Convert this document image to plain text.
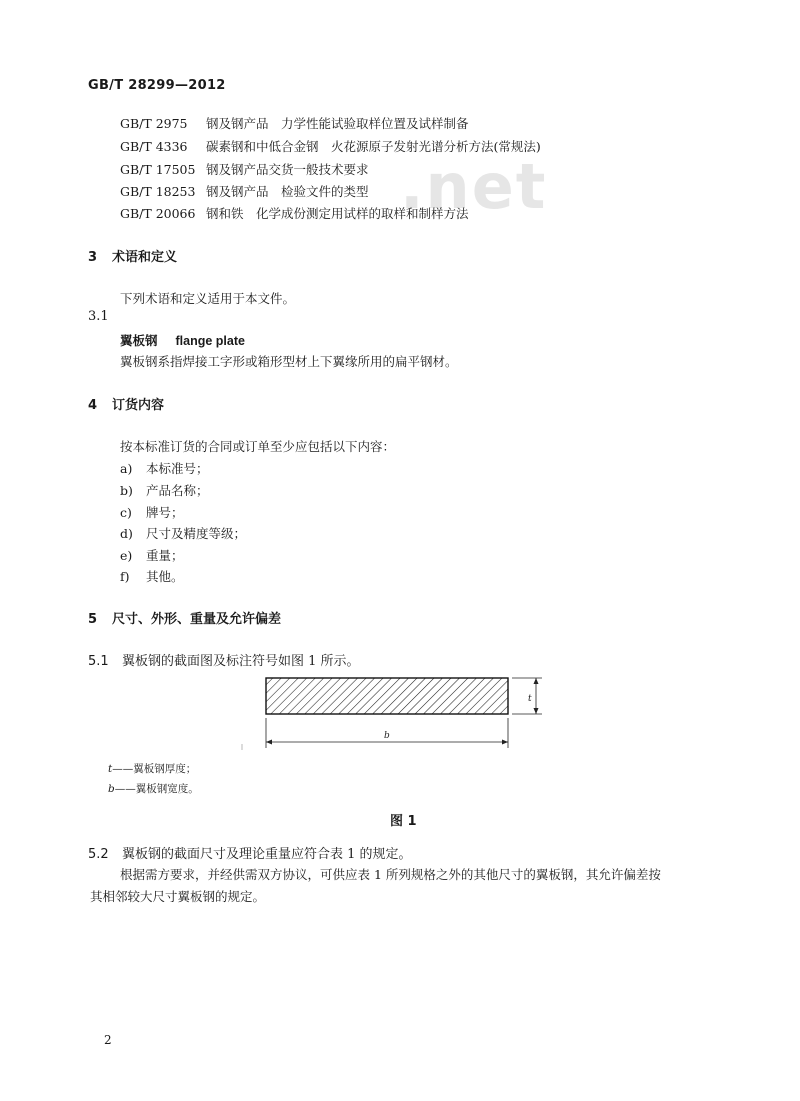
.net
GB/T 28299—2012
GB/T 2975 钢及钢产品　力学性能试验取样位置及试样制备
GB/T 4336 碳素钢和中低合金钢　火花源原子发射光谱分析方法(常规法)
GB/T 17505 钢及钢产品交货一般技术要求
GB/T 18253 钢及钢产品　检验文件的类型
GB/T 20066 钢和铁　化学成份测定用试样的取样和制样方法
3 术语和定义
下列术语和定义适用于本文件。
3.1
翼板钢 flange plate
翼板钢系指焊接工字形或箱形型材上下翼缘所用的扁平钢材。
4 订货内容
按本标准订货的合同或订单至少应包括以下内容：
a) 本标准号；
b) 产品名称；
c) 牌号；
d) 尺寸及精度等级；
e) 重量；
f) 其他。
5 尺寸、外形、重量及允许偏差
5.1 翼板钢的截面图及标注符号如图 1 所示。
t
b
t——翼板钢厚度；
b——翼板钢宽度。
图 1
5.2 翼板钢的截面尺寸及理论重量应符合表 1 的规定。
根据需方要求，并经供需双方协议，可供应表 1 所列规格之外的其他尺寸的翼板钢，其允许偏差按
其相邻较大尺寸翼板钢的规定。
2
